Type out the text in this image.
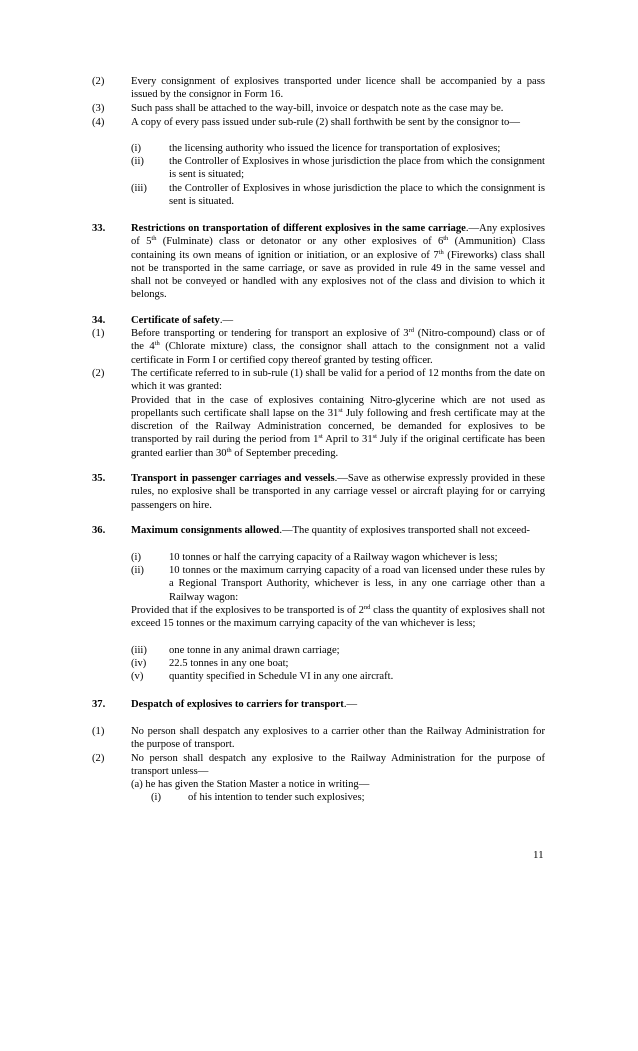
(2)	Every consignment of explosives transported under licence shall be accompanied by a pass issued by the consignor in Form 16.
(3)	Such pass shall be attached to the way-bill, invoice or despatch note as the case may be.
(4)	A copy of every pass issued under sub-rule (2) shall forthwith be sent by the consignor to—
(i)	the licensing authority who issued the licence for transportation of explosives;
(ii) the Controller of Explosives in whose jurisdiction the place from which the consignment is sent is situated;
(iii) the Controller of Explosives in whose jurisdiction the place to which the consignment is sent is situated.
33. Restrictions on transportation of different explosives in the same carriage.—Any explosives of 5th (Fulminate) class or detonator or any other explosives of 6th (Ammunition) Class containing its own means of ignition or initiation, or an explosive of 7th (Fireworks) class shall not be transported in the same carriage, or save as provided in rule 49 in the same vessel and shall not be conveyed or handled with any explosives not of the class and division to which it belongs.
34. Certificate of safety.—
(1)	Before transporting or tendering for transport an explosive of 3rd (Nitro-compound) class or of the 4th (Chlorate mixture) class, the consignor shall attach to the consignment not a valid certificate in Form I or certified copy thereof granted by testing officer.
(2)	The certificate referred to in sub-rule (1) shall be valid for a period of 12 months from the date on which it was granted:
Provided that in the case of explosives containing Nitro-glycerine which are not used as propellants such certificate shall lapse on the 31st July following and fresh certificate may at the discretion of the Railway Administration concerned, be demanded for explosives to be transported by rail during the period from 1st April to 31st July if the original certificate has been granted earlier than 30th of September preceding.
35. Transport in passenger carriages and vessels.—Save as otherwise expressly provided in these rules, no explosive shall be transported in any carriage vessel or aircraft playing for or carrying passengers on hire.
36. Maximum consignments allowed.—The quantity of explosives transported shall not exceed-
(i)	10 tonnes or half the carrying capacity of a Railway wagon whichever is less;
(ii) 10 tonnes or the maximum carrying capacity of a road van licensed under these rules by a Regional Transport Authority, whichever is less, in any one carriage other than a Railway wagon:
Provided that if the explosives to be transported is of 2nd class the quantity of explosives shall not exceed 15 tonnes or the maximum carrying capacity of the van whichever is less;
(iii) one tonne in any animal drawn carriage;
(iv) 22.5 tonnes in any one boat;
(v) quantity specified in Schedule VI in any one aircraft.
37. Despatch of explosives to carriers for transport.—
(1)	No person shall despatch any explosives to a carrier other than the Railway Administration for the purpose of transport.
(2)	No person shall despatch any explosive to the Railway Administration for the purpose of transport unless—
(a) he has given the Station Master a notice in writing—
(i)	of his intention to tender such explosives;
11
